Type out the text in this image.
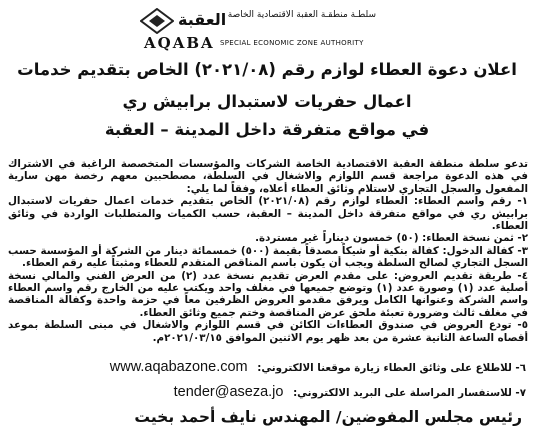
العقبة سلطـة منطقـة العقبة الاقتصادية الخاصة
AQABA SPECIAL ECONOMIC ZONE AUTHORITY
اعلان دعوة العطاء لوازم رقم (٢٠٢١/٠٨) الخاص بتقديم خدمات
اعمال حفريات لاستبدال برابيش ري
في مواقع متفرقة داخل المدينة – العقبة

تدعو سلطة منطقة العقبة الاقتصادية الخاصة الشركات والمؤسسات المتخصصة الراغبة في الاشتراك في هذه الدعوة مراجعة قسم اللوازم والاشغال في السلطة، مصطحبين معهم رخصة مهن سارية المفعول والسجل التجاري لاستلام وثائق العطاء أعلاه، وفقاً لما يلي:

١- رقم واسم العطاء: العطاء لوازم رقم (٢٠٢١/٠٨) الخاص بتقديم خدمات اعمال حفريات لاستبدال برابيش ري في مواقع متفرقة داخل المدينة – العقبة، حسب الكميات والمتطلبات الواردة في وثائق العطاء.

٢- ثمن نسخة العطاء: (٥٠) خمسون ديناراً غير مستردة.

٣- كفالة الدخول: كفالة بنكية أو شيكاً مصدقاً بقيمة (٥٠٠) خمسمائة دينار من الشركة أو المؤسسة حسب السجل التجاري لصالح السلطة ويجب أن يكون باسم المناقص المتقدم للعطاء ومثبتاً عليه رقم العطاء.

٤- طريقة تقديم العروض: على مقدم العرض تقديم نسخة عدد (٢) من العرض الفني والمالي نسخة أصلية عدد (١) وصورة عدد (١) وتوضع جميعها في مغلف واحد ويكتب عليه من الخارج رقم واسم العطاء واسم الشركة وعنوانها الكامل ويرفق مقدمو العروض الظرفين معاً في حزمة واحدة وكفالة المناقصة في مغلف ثالث وضرورة تعبئة ملحق عرض المناقصة وختم جميع وثائق العطاء.

٥- تودع العروض في صندوق العطاءات الكائن في قسم اللوازم والاشغال في مبنى السلطة بموعد أقصاه الساعة الثانية عشرة من بعد ظهر يوم الاثنين الموافق ٢٠٢١/٠٣/١٥م.

٦- للاطلاع على وثائق العطاء زيارة موقعنا الالكتروني: www.aqabazone.com
٧- للاستفسار المراسلة على البريد الالكتروني: tender@aseza.jo
رئيس مجلس المفوضين/ المهندس نايف أحمد بخيت
